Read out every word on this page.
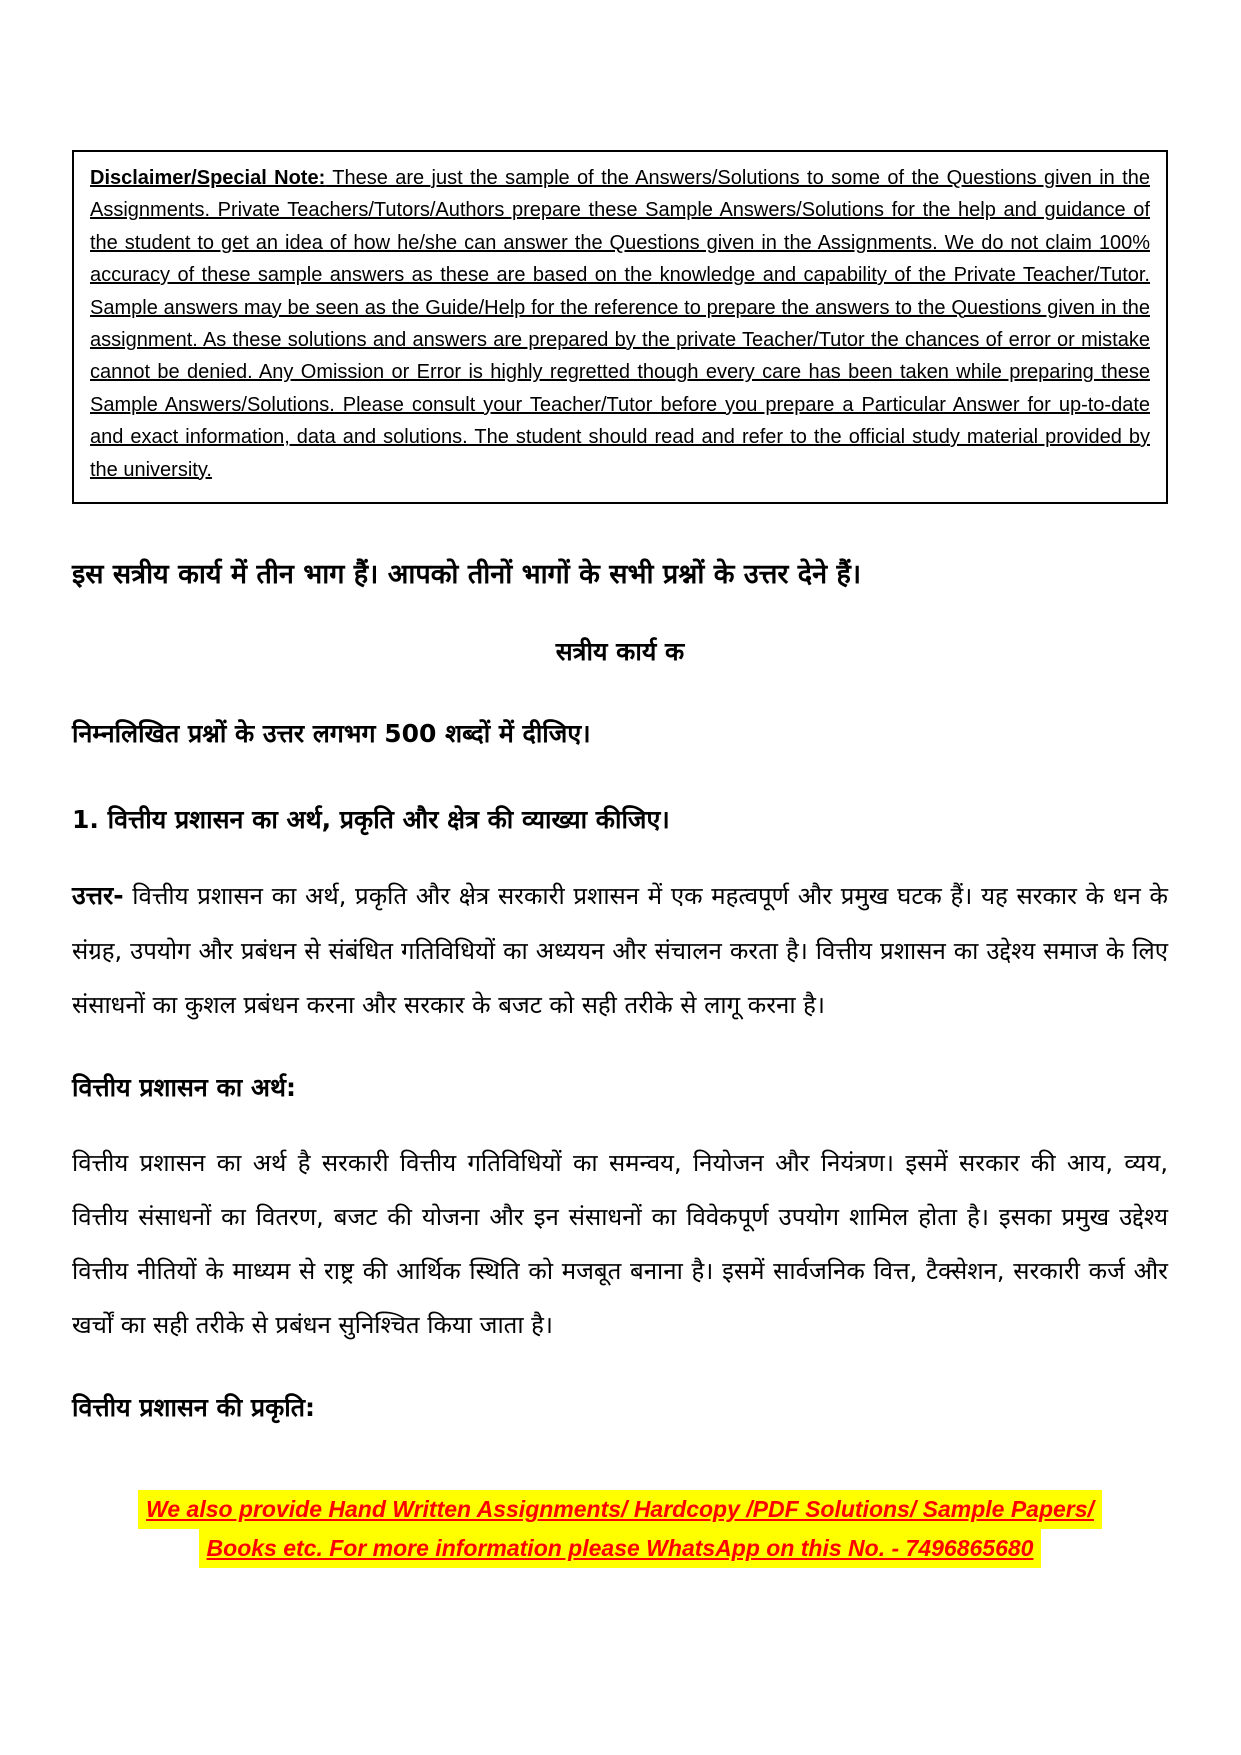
Disclaimer/Special Note: These are just the sample of the Answers/Solutions to some of the Questions given in the Assignments. Private Teachers/Tutors/Authors prepare these Sample Answers/Solutions for the help and guidance of the student to get an idea of how he/she can answer the Questions given in the Assignments. We do not claim 100% accuracy of these sample answers as these are based on the knowledge and capability of the Private Teacher/Tutor. Sample answers may be seen as the Guide/Help for the reference to prepare the answers to the Questions given in the assignment. As these solutions and answers are prepared by the private Teacher/Tutor the chances of error or mistake cannot be denied. Any Omission or Error is highly regretted though every care has been taken while preparing these Sample Answers/Solutions. Please consult your Teacher/Tutor before you prepare a Particular Answer for up-to-date and exact information, data and solutions. The student should read and refer to the official study material provided by the university.

इस सत्रीय कार्य में तीन भाग हैं। आपको तीनों भागों के सभी प्रश्नों के उत्तर देने हैं।

सत्रीय कार्य क

निम्नलिखित प्रश्नों के उत्तर लगभग 500 शब्दों में दीजिए।

1. वित्तीय प्रशासन का अर्थ, प्रकृति और क्षेत्र की व्याख्या कीजिए।

उत्तर- वित्तीय प्रशासन का अर्थ, प्रकृति और क्षेत्र सरकारी प्रशासन में एक महत्वपूर्ण और प्रमुख घटक हैं। यह सरकार के धन के संग्रह, उपयोग और प्रबंधन से संबंधित गतिविधियों का अध्ययन और संचालन करता है। वित्तीय प्रशासन का उद्देश्य समाज के लिए संसाधनों का कुशल प्रबंधन करना और सरकार के बजट को सही तरीके से लागू करना है।

वित्तीय प्रशासन का अर्थ:

वित्तीय प्रशासन का अर्थ है सरकारी वित्तीय गतिविधियों का समन्वय, नियोजन और नियंत्रण। इसमें सरकार की आय, व्यय, वित्तीय संसाधनों का वितरण, बजट की योजना और इन संसाधनों का विवेकपूर्ण उपयोग शामिल होता है। इसका प्रमुख उद्देश्य वित्तीय नीतियों के माध्यम से राष्ट्र की आर्थिक स्थिति को मजबूत बनाना है। इसमें सार्वजनिक वित्त, टैक्सेशन, सरकारी कर्ज और खर्चों का सही तरीके से प्रबंधन सुनिश्चित किया जाता है।

वित्तीय प्रशासन की प्रकृति:

We also provide Hand Written Assignments/ Hardcopy /PDF Solutions/ Sample Papers/
Books etc. For more information please WhatsApp on this No. - 7496865680
